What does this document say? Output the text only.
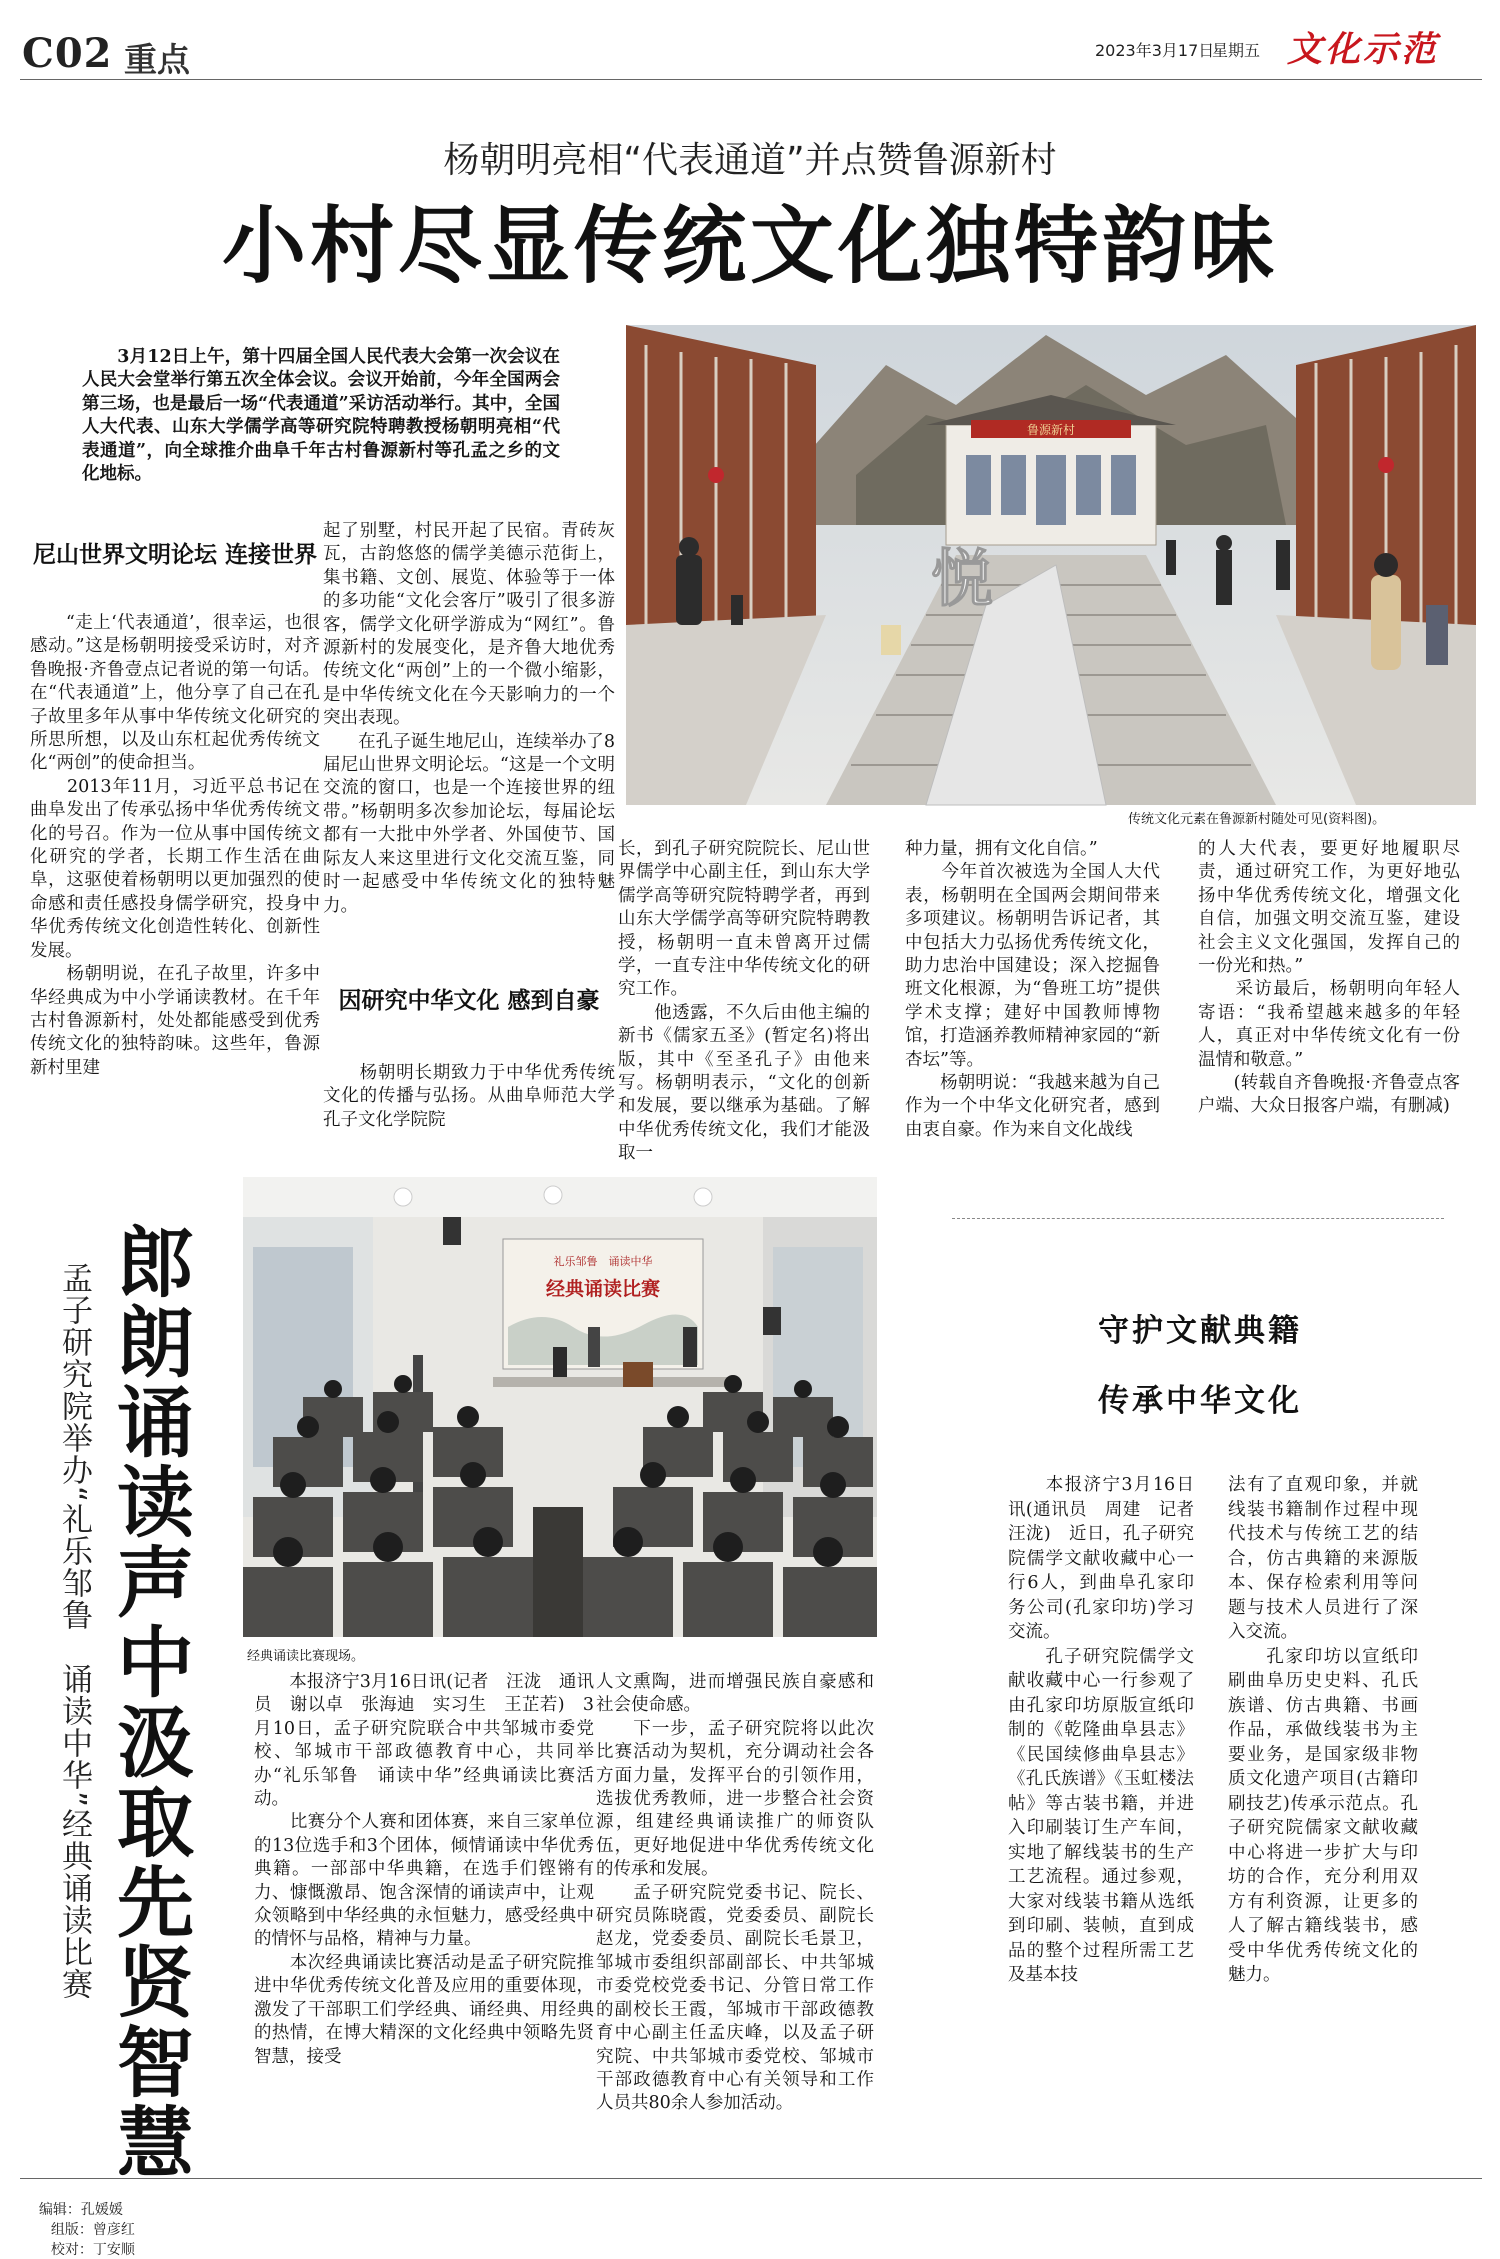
C02 重点	2023年3月17日
星期五 文化示范
杨朝明亮相“代表通道”并点赞鲁源新村
小村尽显传统文化独特韵味
　　3月12日上午，第十四届全国人民代表大会第一次会议在人民大会堂举行第五次全体会议。会议开始前，今年全国两会第三场，也是最后一场“代表通道”采访活动举行。其中，全国人大代表、山东大学儒学高等研究院特聘教授杨朝明亮相“代表通道”，向全球推介曲阜千年古村鲁源新村等孔孟之乡的文化地标。
尼山世界文明论坛 连接世界
　　“走上‘代表通道’，很幸运，也很感动。”这是杨朝明接受采访时，对齐鲁晚报·齐鲁壹点记者说的第一句话。在“代表通道”上，他分享了自己在孔子故里多年从事中华传统文化研究的所思所想，以及山东杠起优秀传统文化“两创”的使命担当。
　　2013年11月，习近平总书记在曲阜发出了传承弘扬中华优秀传统文化的号召。作为一位从事中国传统文化研究的学者，长期工作生活在曲阜，这驱使着杨朝明以更加强烈的使命感和责任感投身儒学研究，投身中华优秀传统文化创造性转化、创新性发展。
　　杨朝明说，在孔子故里，许多中华经典成为中小学诵读教材。在千年古村鲁源新村，处处都能感受到优秀传统文化的独特韵味。这些年，鲁源新村里建
起了别墅，村民开起了民宿。青砖灰瓦，古韵悠悠的儒学美德示范街上，集书籍、文创、展览、体验等于一体的多功能“文化会客厅”吸引了很多游客，儒学文化研学游成为“网红”。鲁源新村的发展变化，是齐鲁大地优秀传统文化“两创”上的一个微小缩影，是中华传统文化在今天影响力的一个突出表现。
　　在孔子诞生地尼山，连续举办了8届尼山世界文明论坛。“这是一个文明交流的窗口，也是一个连接世界的纽带。”杨朝明多次参加论坛，每届论坛都有一大批中外学者、外国使节、国际友人来这里进行文化交流互鉴，同时一起感受中华传统文化的独特魅力。
因研究中华文化 感到自豪
　　杨朝明长期致力于中华优秀传统文化的传播与弘扬。从曲阜师范大学孔子文化学院院
长，到孔子研究院院长、尼山世界儒学中心副主任，到山东大学儒学高等研究院特聘学者，再到山东大学儒学高等研究院特聘教授，杨朝明一直未曾离开过儒学，一直专注中华传统文化的研究工作。
　　他透露，不久后由他主编的新书《儒家五圣》(暂定名)将出版，其中《至圣孔子》由他来写。杨朝明表示，“文化的创新和发展，要以继承为基础。了解中华优秀传统文化，我们才能汲取一
种力量，拥有文化自信。”
　　今年首次被选为全国人大代表，杨朝明在全国两会期间带来多项建议。杨朝明告诉记者，其中包括大力弘扬优秀传统文化，助力忠治中国建设；深入挖掘鲁班文化根源，为“鲁班工坊”提供学术支撑；建好中国教师博物馆，打造涵养教师精神家园的“新杏坛”等。
　　杨朝明说：“我越来越为自己作为一个中华文化研究者，感到由衷自豪。作为来自文化战线
的人大代表，要更好地履职尽责，通过研究工作，为更好地弘扬中华优秀传统文化，增强文化自信，加强文明交流互鉴，建设社会主义文化强国，发挥自己的一份光和热。”
　　采访最后，杨朝明向年轻人寄语：“我希望越来越多的年轻人，真正对中华传统文化有一份温情和敬意。”
　　(转载自齐鲁晚报·齐鲁壹点客户端、大众日报客户端，有删减)
鲁源新村
悦
传统文化元素在鲁源新村随处可见(资料图)。
郎朗诵读声中汲取先贤智慧
孟子研究院举办“礼乐邹鲁　诵读中华”经典诵读比赛
礼乐邹鲁　诵读中华
经典诵读比赛
经典诵读比赛现场。
　　本报济宁3月16日讯(记者　汪泷　通讯员　谢以卓　张海迪　实习生　王芷若)　3月10日，孟子研究院联合中共邹城市委党校、邹城市干部政德教育中心，共同举办“礼乐邹鲁　诵读中华”经典诵读比赛活动。
　　比赛分个人赛和团体赛，来自三家单位的13位选手和3个团体，倾情诵读中华优秀典籍。一部部中华典籍，在选手们铿锵有力、慷慨激昂、饱含深情的诵读声中，让观众领略到中华经典的永恒魅力，感受经典中的情怀与品格，精神与力量。
　　本次经典诵读比赛活动是孟子研究院推进中华优秀传统文化普及应用的重要体现，激发了干部职工们学经典、诵经典、用经典的热情，在博大精深的文化经典中领略先贤智慧，接受
人文熏陶，进而增强民族自豪感和社会使命感。
　　下一步，孟子研究院将以此次比赛活动为契机，充分调动社会各方面力量，发挥平台的引领作用，选拔优秀教师，进一步整合社会资源，组建经典诵读推广的师资队伍，更好地促进中华优秀传统文化的传承和发展。
　　孟子研究院党委书记、院长、研究员陈晓霞，党委委员、副院长赵龙，党委委员、副院长毛景卫，邹城市委组织部副部长、中共邹城市委党校党委书记、分管日常工作的副校长王霞，邹城市干部政德教育中心副主任孟庆峰，以及孟子研究院、中共邹城市委党校、邹城市干部政德教育中心有关领导和工作人员共80余人参加活动。
守护文献典籍
传承中华文化
　　本报济宁3月16日讯(通讯员　周建　记者　汪泷)　近日，孔子研究院儒学文献收藏中心一行6人，到曲阜孔家印务公司(孔家印坊)学习交流。
　　孔子研究院儒学文献收藏中心一行参观了由孔家印坊原版宣纸印制的《乾隆曲阜县志》《民国续修曲阜县志》《孔氏族谱》《玉虹楼法帖》等古装书籍，并进入印刷装订生产车间，实地了解线装书的生产工艺流程。通过参观，大家对线装书籍从选纸到印刷、装帧，直到成品的整个过程所需工艺及基本技
法有了直观印象，并就线装书籍制作过程中现代技术与传统工艺的结合，仿古典籍的来源版本、保存检索利用等问题与技术人员进行了深入交流。
　　孔家印坊以宣纸印刷曲阜历史史料、孔氏族谱、仿古典籍、书画作品，承做线装书为主要业务，是国家级非物质文化遗产项目(古籍印刷技艺)传承示范点。孔子研究院儒家文献收藏中心将进一步扩大与印坊的合作，充分利用双方有利资源，让更多的人了解古籍线装书，感受中华优秀传统文化的魅力。

编辑：孔媛媛
组版：曾彦红
校对：丁安顺
